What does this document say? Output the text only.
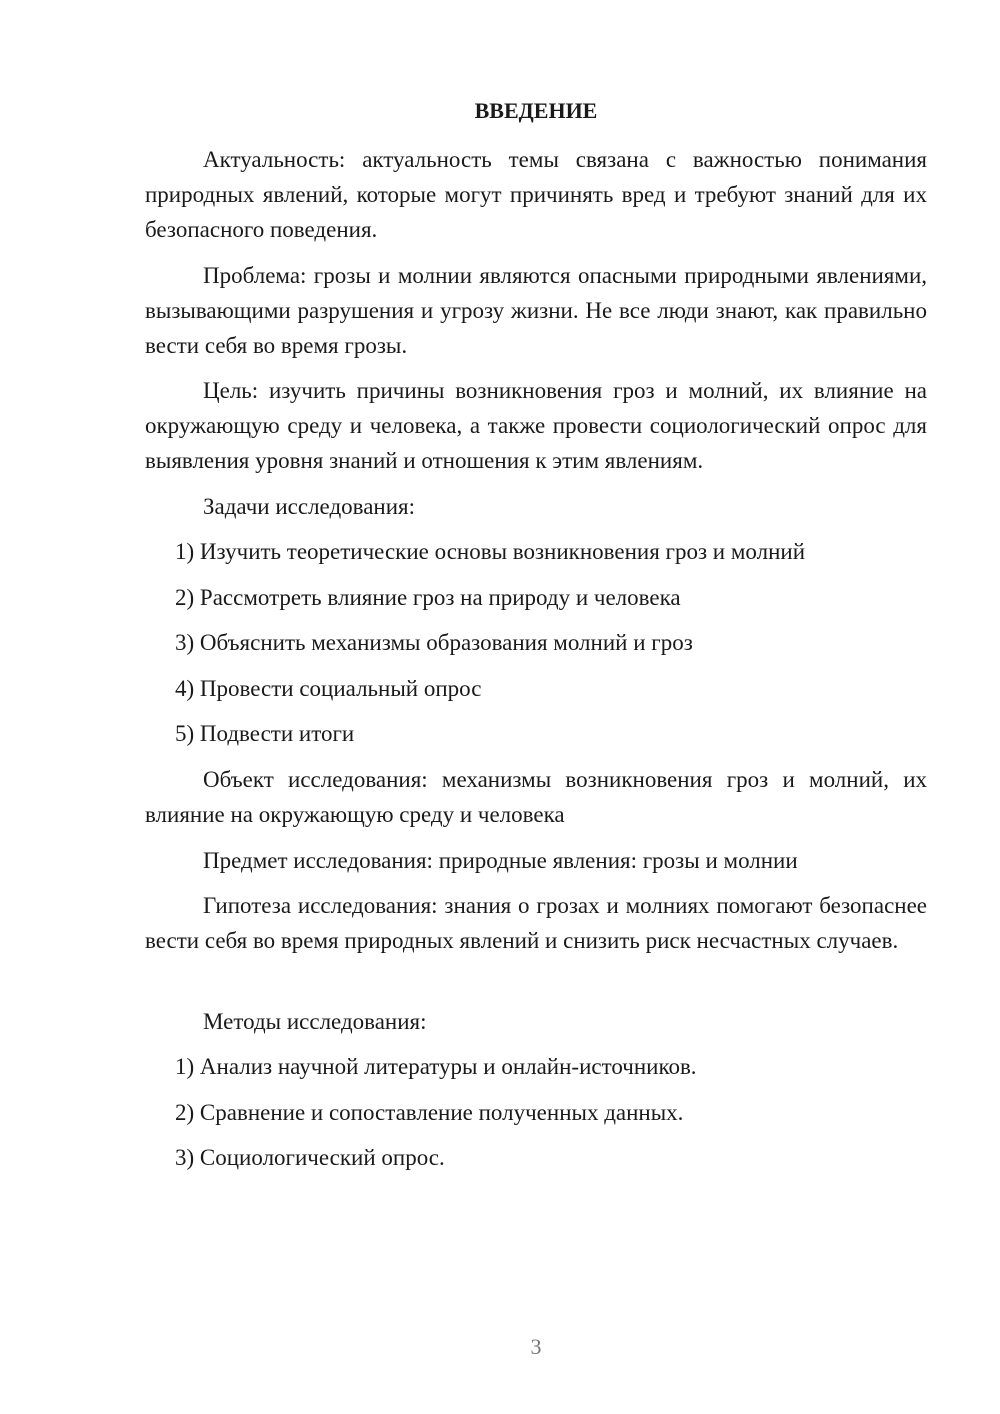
ВВЕДЕНИЕ

Актуальность: актуальность темы связана с важностью понимания природных явлений, которые могут причинять вред и требуют знаний для их безопасного поведения.

Проблема: грозы и молнии являются опасными природными явлениями, вызывающими разрушения и угрозу жизни. Не все люди знают, как правильно вести себя во время грозы.

Цель: изучить причины возникновения гроз и молний, их влияние на окружающую среду и человека, а также провести социологический опрос для выявления уровня знаний и отношения к этим явлениям.

Задачи исследования:

1) Изучить теоретические основы возникновения гроз и молний

2) Рассмотреть влияние гроз на природу и человека

3) Объяснить механизмы образования молний и гроз

4) Провести социальный опрос

5) Подвести итоги

Объект исследования: механизмы возникновения гроз и молний, их влияние на окружающую среду и человека

Предмет исследования: природные явления: грозы и молнии

Гипотеза исследования: знания о грозах и молниях помогают безопаснее вести себя во время природных явлений и снизить риск несчастных случаев.

Методы исследования:

1) Анализ научной литературы и онлайн-источников.

2) Сравнение и сопоставление полученных данных.

3) Социологический опрос.

3
